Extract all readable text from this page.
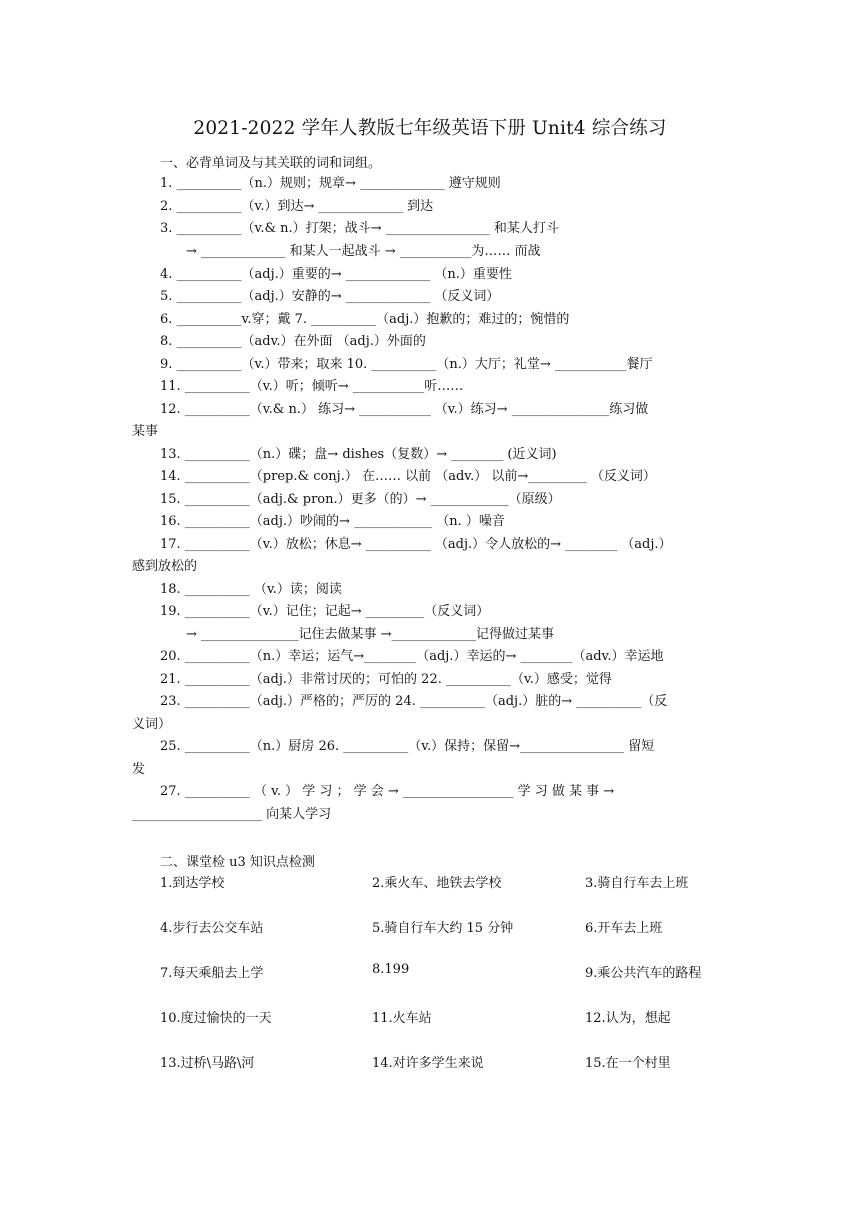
2021-2022 学年人教版七年级英语下册 Unit4 综合练习
一、必背单词及与其关联的词和词组。
1. __________（n.）规则；规章→ _____________ 遵守规则
2. __________（v.）到达→ _____________ 到达
3. __________（v.& n.）打架；战斗→ ________________ 和某人打斗
→ _____________ 和某人一起战斗 → ___________为…… 而战
4. __________（adj.）重要的→ _____________ （n.）重要性
5. __________（adj.）安静的→ _____________ （反义词）
6. __________v.穿；戴 7. __________（adj.）抱歉的；难过的；惋惜的
8. __________（adv.）在外面 （adj.）外面的
9. __________（v.）带来；取来 10. __________（n.）大厅；礼堂→ ___________餐厅
11. __________（v.）听；倾听→ ___________听……
12. __________（v.& n.） 练习→ ___________ （v.）练习→ _______________练习做
某事
13. __________（n.）碟；盘→ dishes（复数）→ ________ (近义词)
14. __________（prep.& conj.） 在…… 以前 （adv.） 以前→_________ （反义词）
15. __________（adj.& pron.）更多（的）→ ____________（原级）
16. __________（adj.）吵闹的→ ____________ （n. ）噪音
17. __________（v.）放松；休息→ __________ （adj.）令人放松的→ ________ （adj.）
感到放松的
18. __________ （v.）读；阅读
19. __________（v.）记住；记起→ _________（反义词）
→ _______________记住去做某事 →_____________记得做过某事
20. __________（n.）幸运；运气→________（adj.）幸运的→ ________（adv.）幸运地
21. __________（adj.）非常讨厌的；可怕的 22. __________（v.）感受；觉得
23. __________（adj.）严格的；严厉的 24. __________（adj.）脏的→ __________（反
义词）
25. __________（n.）厨房 26. __________（v.）保持；保留→________________ 留短
发
27. __________ （ v. ） 学 习 ； 学 会 → _________________ 学 习 做 某 事 →
____________________ 向某人学习
二、课堂检 u3 知识点检测
1.到达学校	2.乘火车、地铁去学校	3.骑自行车去上班
4.步行去公交车站	5.骑自行车大约 15 分钟	6.开车去上班
7.每天乘船去上学	8.199	9.乘公共汽车的路程
10.度过愉快的一天	11.火车站	12.认为，想起
13.过桥\马路\河	14.对许多学生来说	15.在一个村里
